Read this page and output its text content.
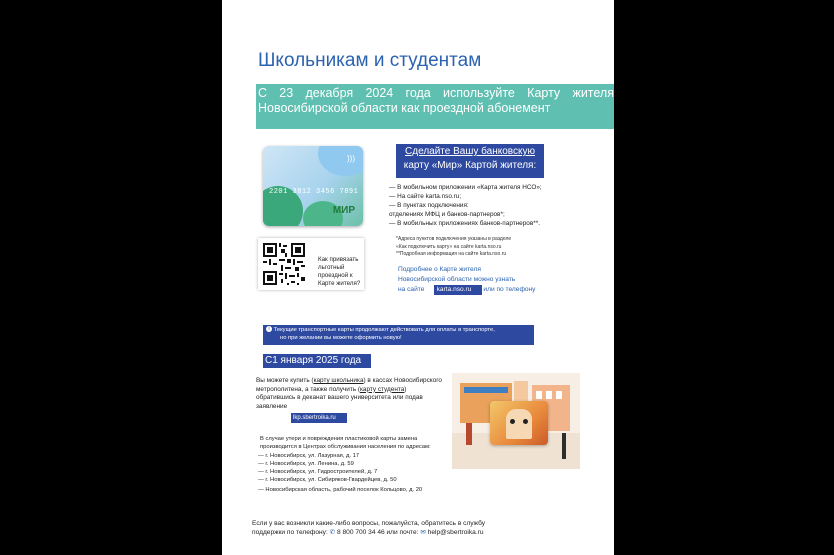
Школьникам и студентам
С 23 декабря 2024 года используйте Карту жителя Новосибирской области как проездной абонемент
)))
2201 3812 3456 7891
МИР
Сделайте Вашу банковскую
карту «Мир» Картой жителя:
— В мобильном приложении «Карта жителя НСО»;
— На сайте karta.nso.ru;
— В пунктах подключения:
отделениях МФЦ и банков-партнеров*;
— В мобильных приложениях банков-партнеров**.
*Адреса пунктов подключения указаны в разделе
«Как подключить карту» на сайте karta.nso.ru
**Подробная информация на сайте karta.nso.ru
Подробнее о Карте жителя
Новосибирской области можно узнать
на сайте karta.nso.ru или по телефону
Как привязать
льготный
проездной к
Карте жителя?
i Текущие транспортные карты продолжают действовать для оплаты в транспорте,
но при желании вы можете оформить новую!
С1 января 2025 года
Вы можете купить (карту школьника) в кассах Новосибирского метрополитена, а также получить (карту студента) обратившись в деканат вашего университета или подав заявление
lkp.sbertroika.ru
В случае утери и повреждения пластиковой карты замена
производится в Центрах обслуживания населения по адресам:
— г. Новосибирск, ул. Лазурная, д. 17
— г. Новосибирск, ул. Ленина, д. 59
— г. Новосибирск, ул. Гидростроителей, д. 7
— г. Новосибирск, ул. Сибиряков-Гвардейцев, д. 50
— Новосибирская область, рабочий поселок Кольцово, д. 20
Если у вас возникли какие-либо вопросы, пожалуйста, обратитесь в службу
поддержки по телефону: ✆ 8 800 700 34 46 или почте: ✉ help@sbertroika.ru
